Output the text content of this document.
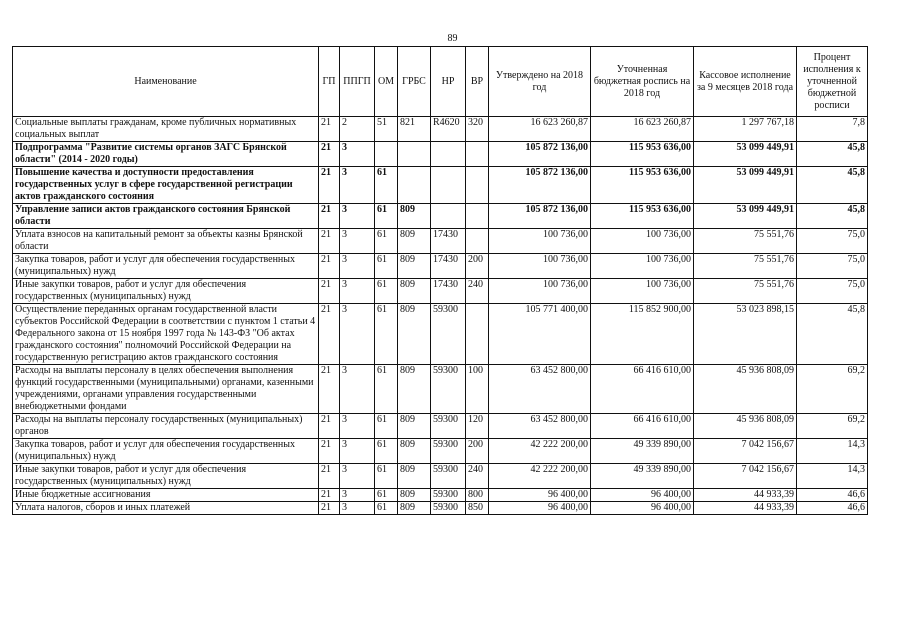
89
Наименование	ГП	ППГП	ОМ	ГРБС	НР	ВР	Утверждено на 2018 год	Уточненная бюджетная роспись на 2018 год	Кассовое исполнение за 9 месяцев 2018 года	Процент исполнения к уточненной бюджетной росписи
Социальные выплаты гражданам, кроме публичных нормативных социальных выплат	21	2	51	821	R4620	320	16 623 260,87	16 623 260,87	1 297 767,18	7,8
Подпрограмма "Развитие системы органов ЗАГС Брянской области" (2014 - 2020 годы)	21	3					105 872 136,00	115 953 636,00	53 099 449,91	45,8
Повышение качества и доступности предоставления государственных услуг в сфере государственной регистрации актов гражданского состояния	21	3	61				105 872 136,00	115 953 636,00	53 099 449,91	45,8
Управление записи актов гражданского состояния Брянской области	21	3	61	809			105 872 136,00	115 953 636,00	53 099 449,91	45,8
Уплата взносов на капитальный ремонт за объекты казны Брянской области	21	3	61	809	17430		100 736,00	100 736,00	75 551,76	75,0
Закупка товаров, работ и услуг для обеспечения государственных (муниципальных) нужд	21	3	61	809	17430	200	100 736,00	100 736,00	75 551,76	75,0
Иные закупки товаров, работ и услуг для обеспечения государственных (муниципальных) нужд	21	3	61	809	17430	240	100 736,00	100 736,00	75 551,76	75,0
Осуществление переданных органам государственной власти субъектов Российской Федерации в соответствии с пунктом 1 статьи 4 Федерального закона от 15 ноября 1997 года № 143-ФЗ "Об актах гражданского состояния" полномочий Российской Федерации на государственную регистрацию актов гражданского состояния	21	3	61	809	59300		105 771 400,00	115 852 900,00	53 023 898,15	45,8
Расходы на выплаты персоналу в целях обеспечения выполнения функций государственными (муниципальными) органами, казенными учреждениями, органами управления государственными внебюджетными фондами	21	3	61	809	59300	100	63 452 800,00	66 416 610,00	45 936 808,09	69,2
Расходы на выплаты персоналу государственных (муниципальных) органов	21	3	61	809	59300	120	63 452 800,00	66 416 610,00	45 936 808,09	69,2
Закупка товаров, работ и услуг для обеспечения государственных (муниципальных) нужд	21	3	61	809	59300	200	42 222 200,00	49 339 890,00	7 042 156,67	14,3
Иные закупки товаров, работ и услуг для обеспечения государственных (муниципальных) нужд	21	3	61	809	59300	240	42 222 200,00	49 339 890,00	7 042 156,67	14,3
Иные бюджетные ассигнования	21	3	61	809	59300	800	96 400,00	96 400,00	44 933,39	46,6
Уплата налогов, сборов и иных платежей	21	3	61	809	59300	850	96 400,00	96 400,00	44 933,39	46,6
